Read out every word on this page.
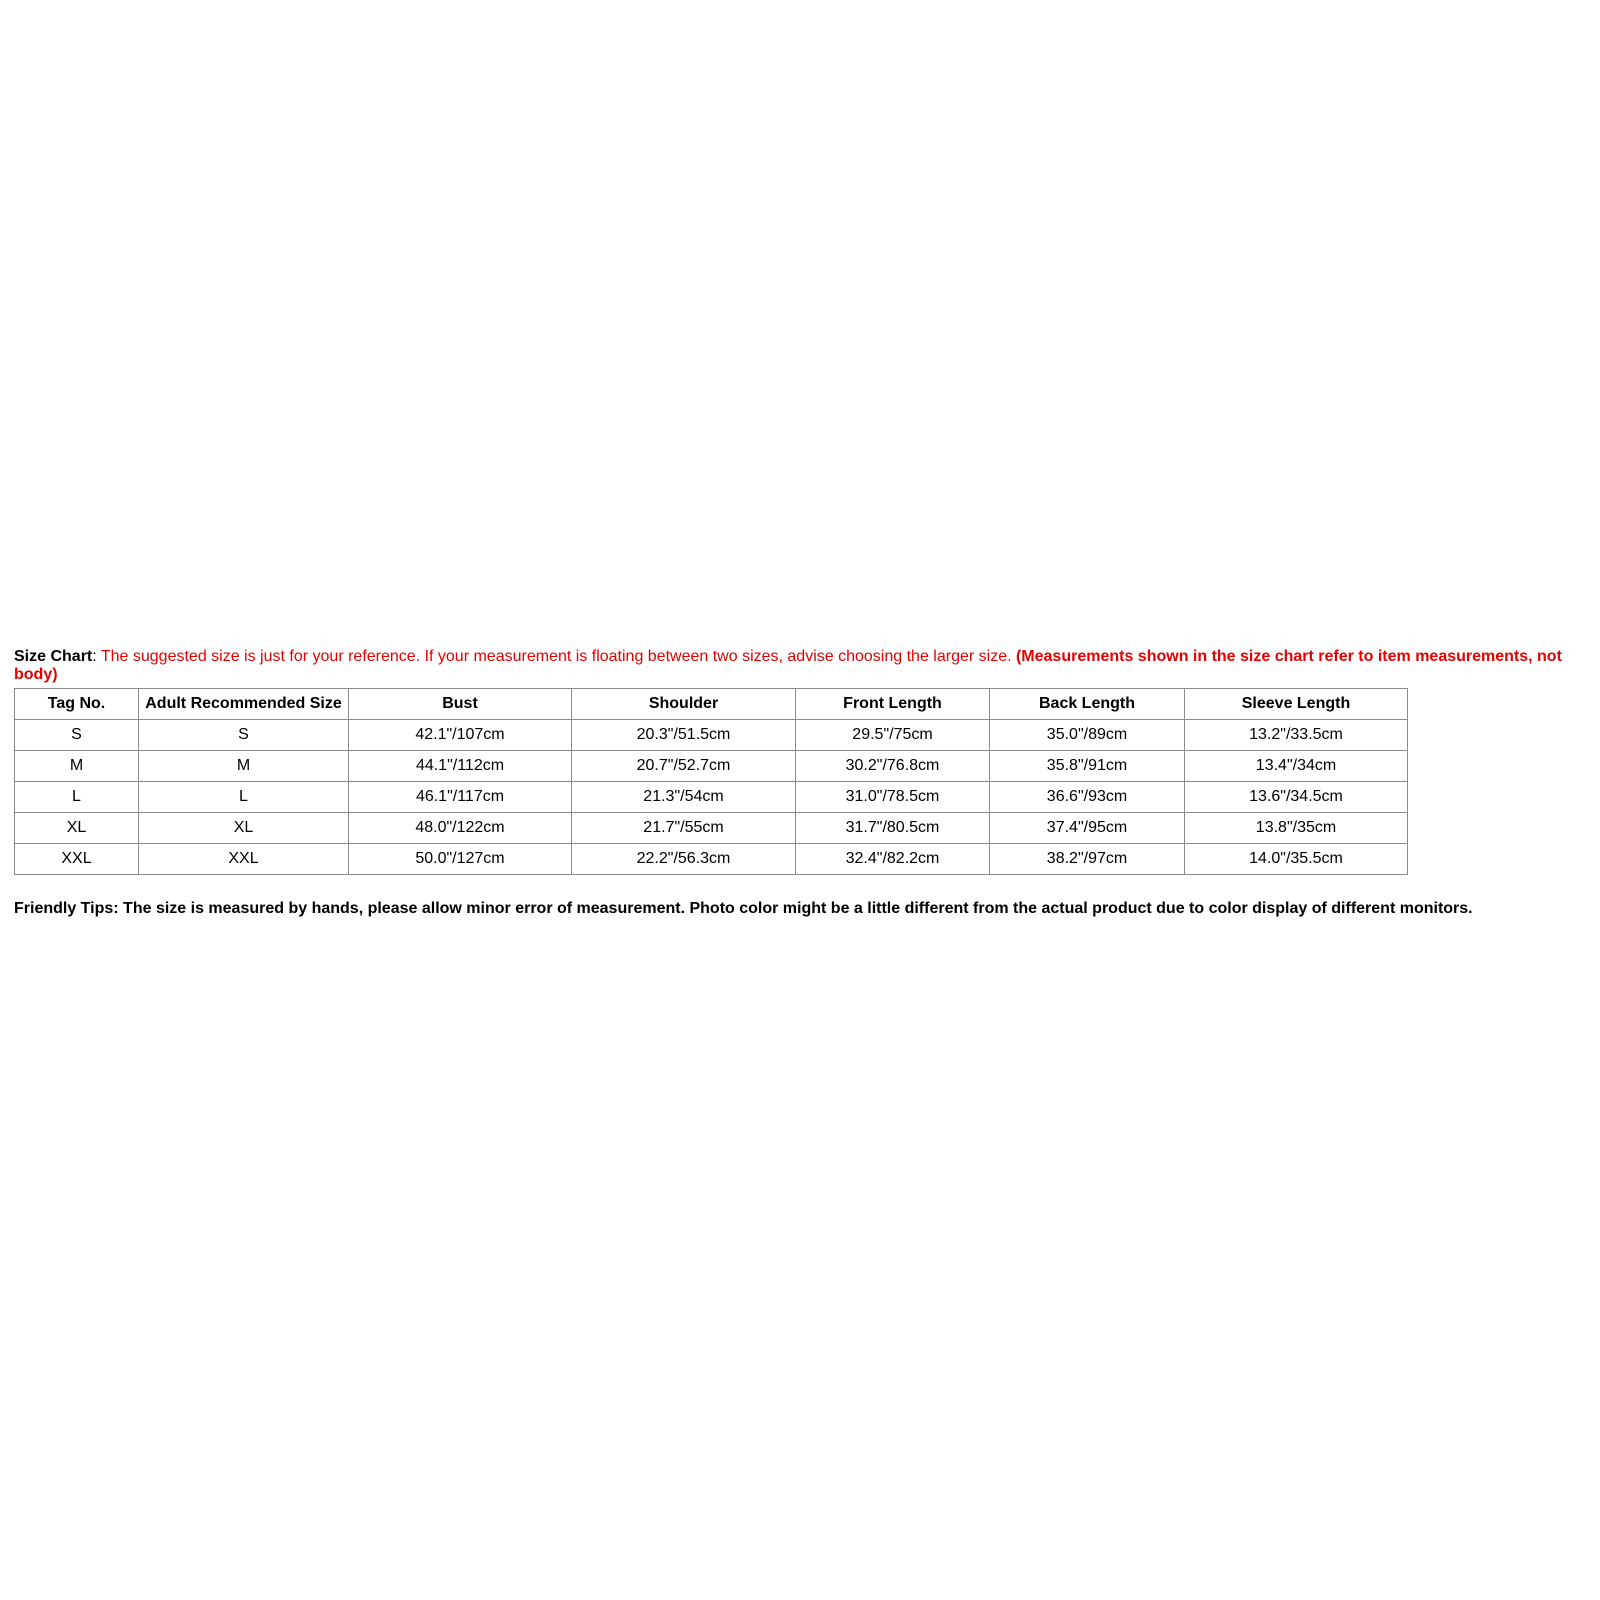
Size Chart: The suggested size is just for your reference. If your measurement is floating between two sizes, advise choosing the larger size. (Measurements shown in the size chart refer to item measurements, not body)
Tag No.	Adult Recommended Size	Bust	Shoulder	Front Length	Back Length	Sleeve Length
S	S	42.1"/107cm	20.3"/51.5cm	29.5"/75cm	35.0"/89cm	13.2"/33.5cm
M	M	44.1"/112cm	20.7"/52.7cm	30.2"/76.8cm	35.8"/91cm	13.4"/34cm
L	L	46.1"/117cm	21.3"/54cm	31.0"/78.5cm	36.6"/93cm	13.6"/34.5cm
XL	XL	48.0"/122cm	21.7"/55cm	31.7"/80.5cm	37.4"/95cm	13.8"/35cm
XXL	XXL	50.0"/127cm	22.2"/56.3cm	32.4"/82.2cm	38.2"/97cm	14.0"/35.5cm
Friendly Tips: The size is measured by hands, please allow minor error of measurement. Photo color might be a little different from the actual product due to color display of different monitors.
